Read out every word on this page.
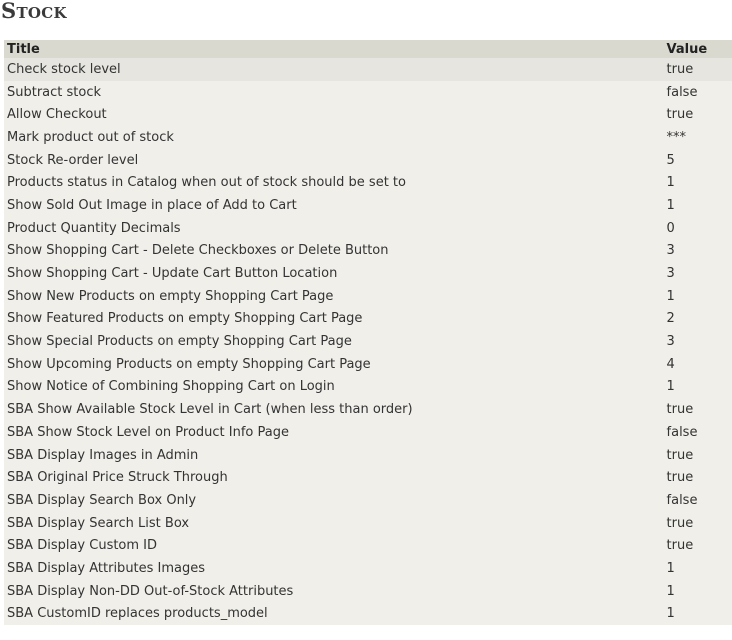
Stock
Title	Value
Check stock level	true
Subtract stock	false
Allow Checkout	true
Mark product out of stock	***
Stock Re-order level	5
Products status in Catalog when out of stock should be set to	1
Show Sold Out Image in place of Add to Cart	1
Product Quantity Decimals	0
Show Shopping Cart - Delete Checkboxes or Delete Button	3
Show Shopping Cart - Update Cart Button Location	3
Show New Products on empty Shopping Cart Page	1
Show Featured Products on empty Shopping Cart Page	2
Show Special Products on empty Shopping Cart Page	3
Show Upcoming Products on empty Shopping Cart Page	4
Show Notice of Combining Shopping Cart on Login	1
SBA Show Available Stock Level in Cart (when less than order)	true
SBA Show Stock Level on Product Info Page	false
SBA Display Images in Admin	true
SBA Original Price Struck Through	true
SBA Display Search Box Only	false
SBA Display Search List Box	true
SBA Display Custom ID	true
SBA Display Attributes Images	1
SBA Display Non-DD Out-of-Stock Attributes	1
SBA CustomID replaces products_model	1
